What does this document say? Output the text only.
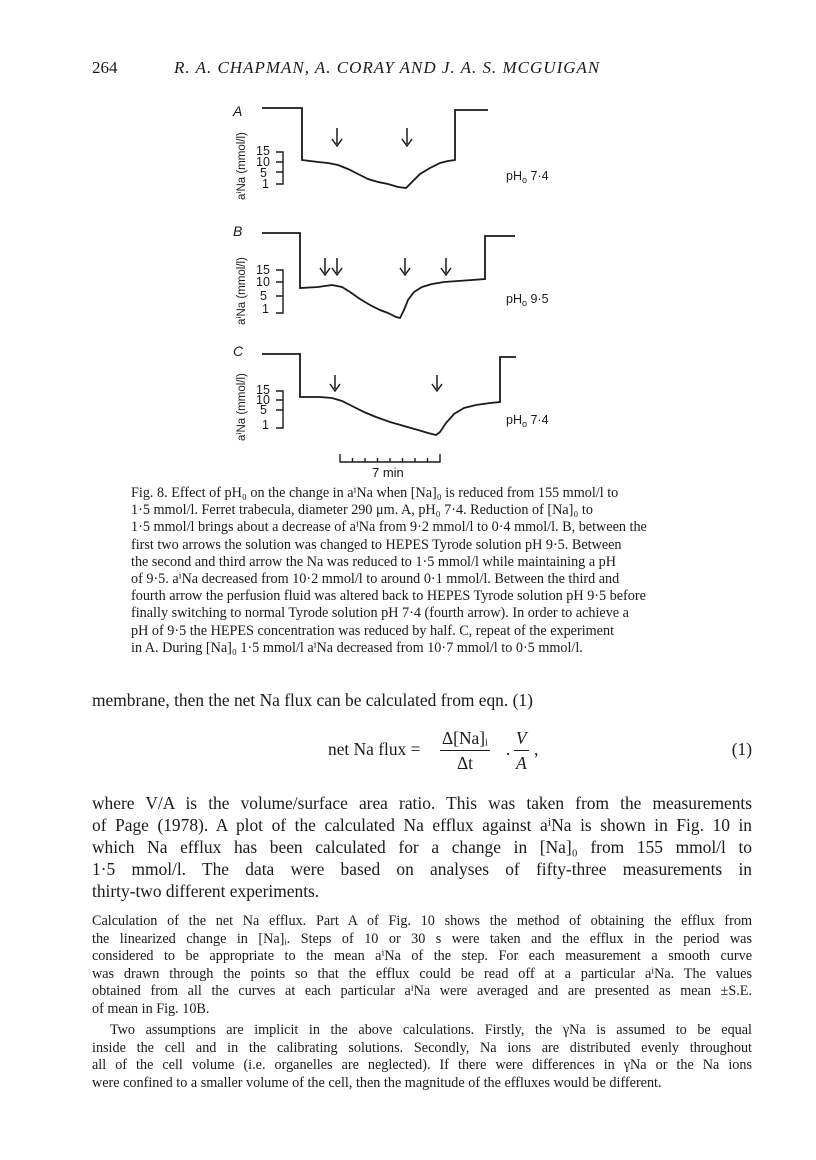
264	R. A. CHAPMAN, A. CORAY AND J. A. S. MCGUIGAN
A
15
10
5
1
aⁱNa (mmol/l)	$pH_o$ 7·4
B
15
10
5
1
aⁱNa (mmol/l)	$pH_o$ 9·5
C
15
10
5
1
aⁱNa (mmol/l)	$pH_o$ 7·4
7 min
Fig. 8. Effect of pH₀ on the change in aⁱNa when [Na]₀ is reduced from 155 mmol/l to
1·5 mmol/l. Ferret trabecula, diameter 290 μm. A, pH₀ 7·4. Reduction of [Na]₀ to
1·5 mmol/l brings about a decrease of aⁱNa from 9·2 mmol/l to 0·4 mmol/l. B, between the
first two arrows the solution was changed to HEPES Tyrode solution pH 9·5. Between
the second and third arrow the Na was reduced to 1·5 mmol/l while maintaining a pH
of 9·5. aⁱNa decreased from 10·2 mmol/l to around 0·1 mmol/l. Between the third and
fourth arrow the perfusion fluid was altered back to HEPES Tyrode solution pH 9·5 before
finally switching to normal Tyrode solution pH 7·4 (fourth arrow). In order to achieve a
pH of 9·5 the HEPES concentration was reduced by half. C, repeat of the experiment
in A. During [Na]₀ 1·5 mmol/l aⁱNa decreased from 10·7 mmol/l to 0·5 mmol/l.
membrane, then the net Na flux can be calculated from eqn. (1)
net Na flux = $\frac{\text{Δ[Na]ᵢ}}{\Delta t}$ . $\frac{V}{A}$ ,	(1)
where V/A is the volume/surface area ratio. This was taken from the measurements
of Page (1978). A plot of the calculated Na efflux against aⁱNa is shown in Fig. 10 in
which Na efflux has been calculated for a change in [Na]₀ from 155 mmol/l to
1·5 mmol/l. The data were based on analyses of fifty-three measurements in
thirty-two different experiments.
Calculation of the net Na efflux. Part A of Fig. 10 shows the method of obtaining the efflux from
the linearized change in [Na]ᵢ. Steps of 10 or 30 s were taken and the efflux in the period was
considered to be appropriate to the mean aⁱNa of the step. For each measurement a smooth curve
was drawn through the points so that the efflux could be read off at a particular aⁱNa. The values
obtained from all the curves at each particular aⁱNa were averaged and are presented as mean ±S.E.
of mean in Fig. 10B.
Two assumptions are implicit in the above calculations. Firstly, the γNa is assumed to be equal
inside the cell and in the calibrating solutions. Secondly, Na ions are distributed evenly throughout
all of the cell volume (i.e. organelles are neglected). If there were differences in γNa or the Na ions
were confined to a smaller volume of the cell, then the magnitude of the effluxes would be different.
